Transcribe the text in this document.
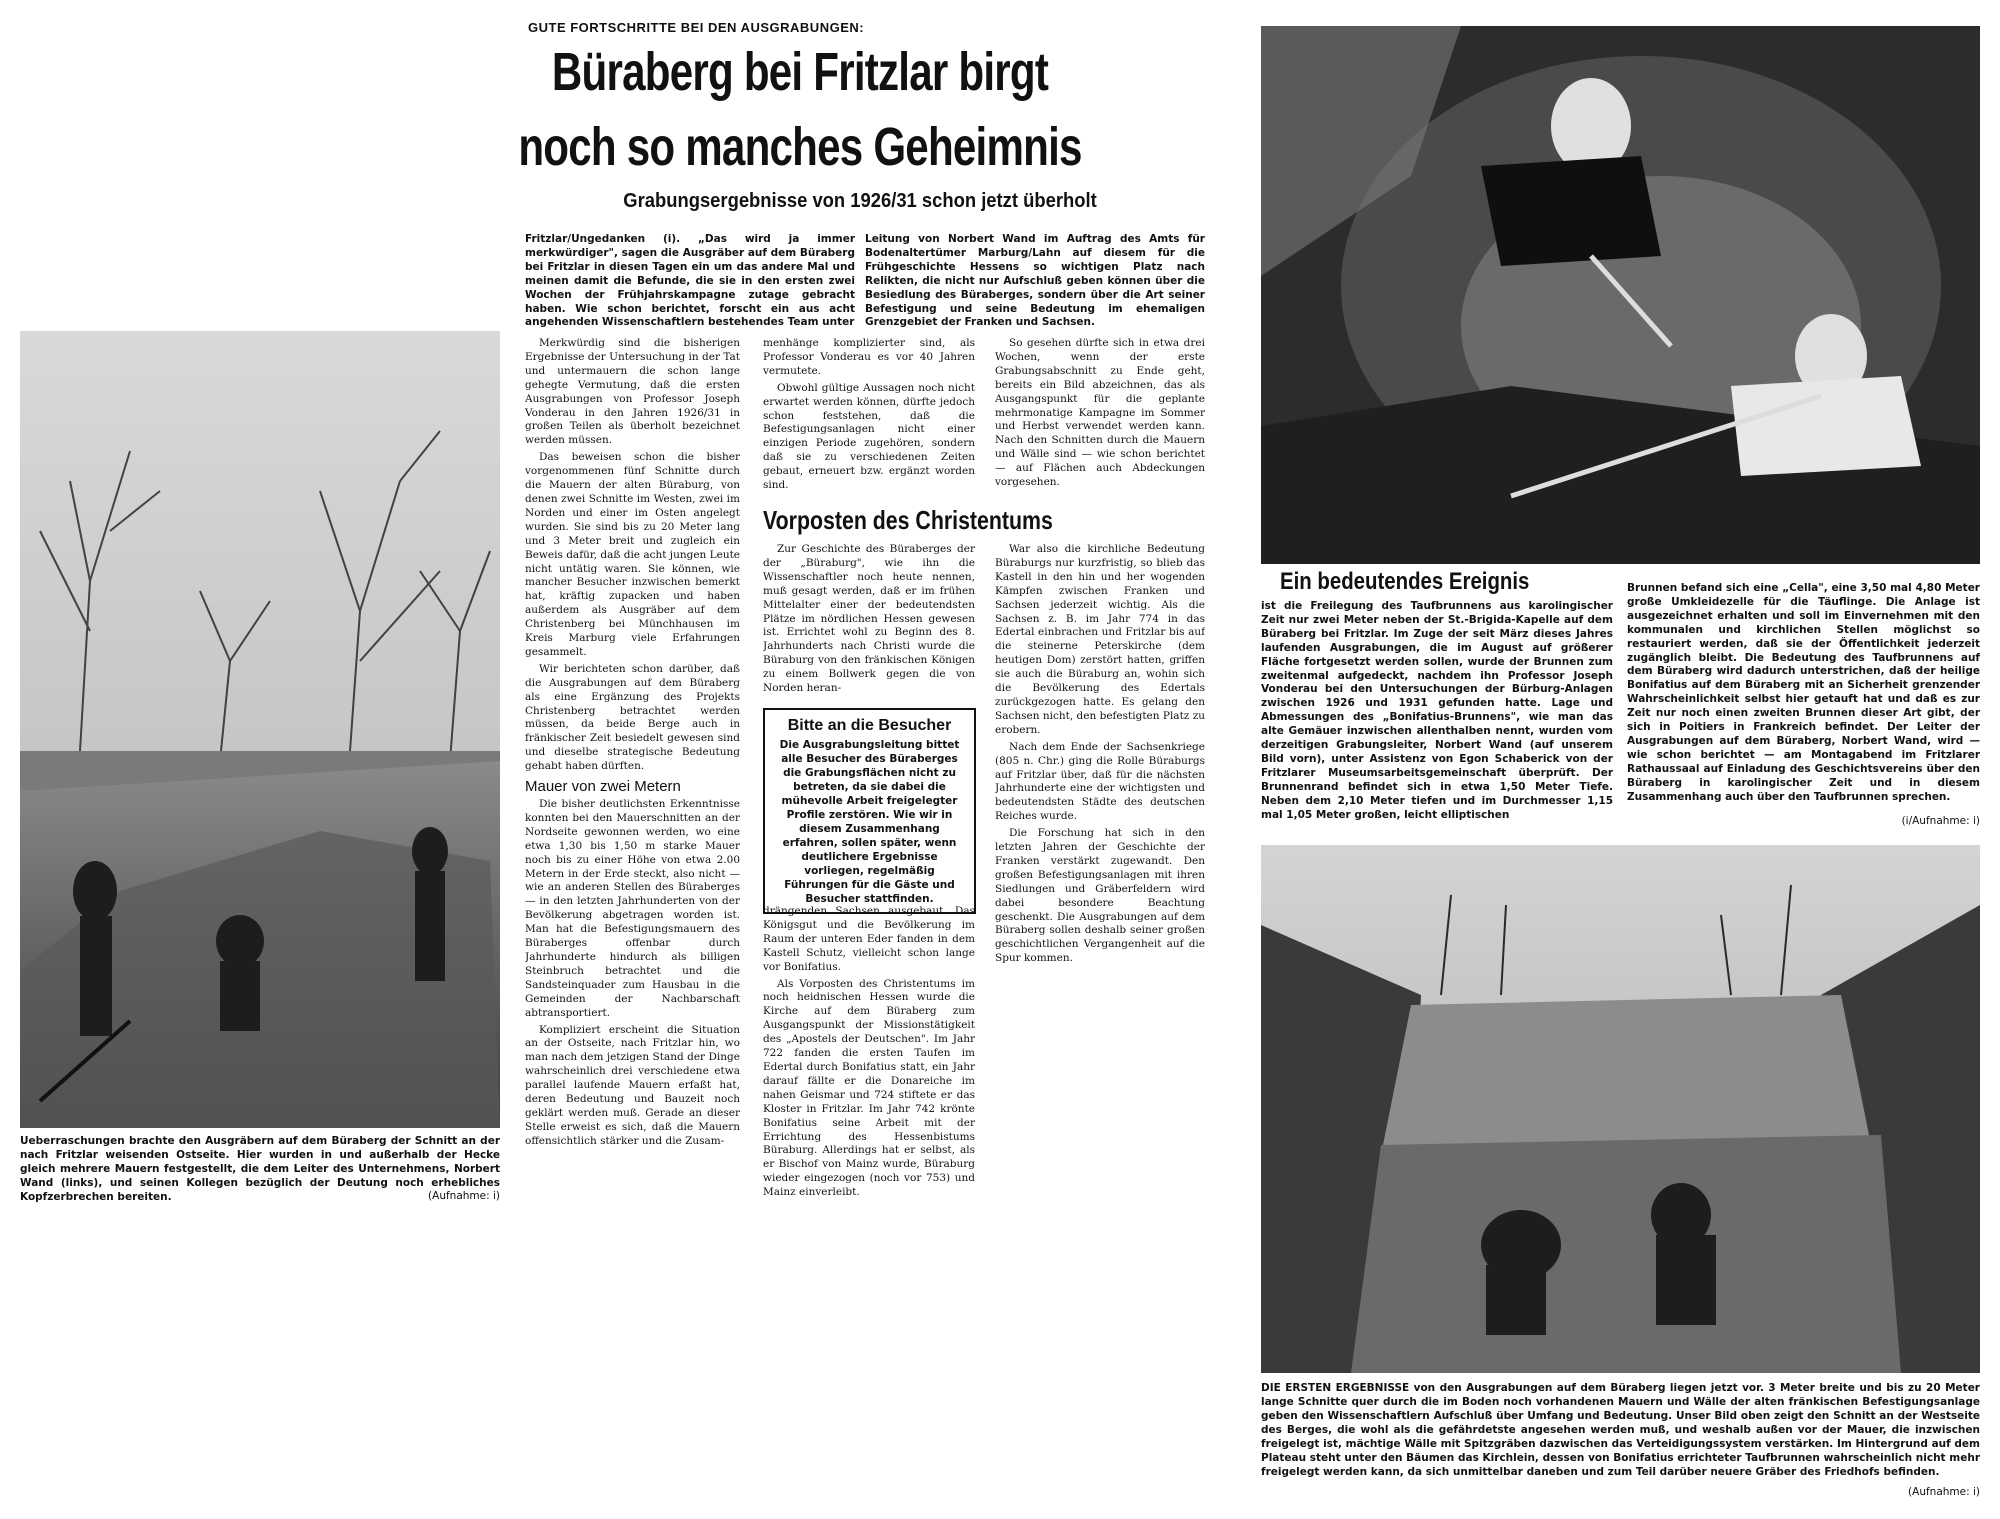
Ueberraschungen brachte den Ausgräbern auf dem Büraberg der Schnitt an der nach Fritzlar weisenden Ostseite. Hier wurden in und außerhalb der Hecke gleich mehrere Mauern festgestellt, die dem Leiter des Unternehmens, Norbert Wand (links), und seinen Kollegen bezüglich der Deutung noch erhebliches Kopfzerbrechen bereiten.	(Aufnahme: i)
GUTE FORTSCHRITTE BEI DEN AUSGRABUNGEN:
Büraberg bei Fritzlar birgt
noch so manches Geheimnis
Grabungsergebnisse von 1926/31 schon jetzt überholt

Fritzlar/Ungedanken (i). „Das wird ja immer merkwürdiger", sagen die Ausgräber auf dem Büraberg bei Fritzlar in diesen Tagen ein um das andere Mal und meinen damit die Befunde, die sie in den ersten zwei Wochen der Frühjahrskampagne zutage gebracht haben. Wie schon berichtet, forscht ein aus acht angehenden Wissenschaftlern bestehendes Team unter

Leitung von Norbert Wand im Auftrag des Amts für Bodenaltertümer Marburg/Lahn auf diesem für die Frühgeschichte Hessens so wichtigen Platz nach Relikten, die nicht nur Aufschluß geben können über die Besiedlung des Büraberges, sondern über die Art seiner Befestigung und seine Bedeutung im ehemaligen Grenzgebiet der Franken und Sachsen.

Merkwürdig sind die bisherigen Ergebnisse der Untersuchung in der Tat und untermauern die schon lange gehegte Vermutung, daß die ersten Ausgrabungen von Professor Joseph Vonderau in den Jahren 1926/31 in großen Teilen als überholt bezeichnet werden müssen.

Das beweisen schon die bisher vorgenommenen fünf Schnitte durch die Mauern der alten Büraburg, von denen zwei Schnitte im Westen, zwei im Norden und einer im Osten angelegt wurden. Sie sind bis zu 20 Meter lang und 3 Meter breit und zugleich ein Beweis dafür, daß die acht jungen Leute nicht untätig waren. Sie können, wie mancher Besucher inzwischen bemerkt hat, kräftig zupacken und haben außerdem als Ausgräber auf dem Christenberg bei Münchhausen im Kreis Marburg viele Erfahrungen gesammelt.

Wir berichteten schon darüber, daß die Ausgrabungen auf dem Büraberg als eine Ergänzung des Projekts Christenberg betrachtet werden müssen, da beide Berge auch in fränkischer Zeit besiedelt gewesen sind und dieselbe strategische Bedeutung gehabt haben dürften.

Mauer von zwei Metern

Die bisher deutlichsten Erkenntnisse konnten bei den Mauerschnitten an der Nordseite gewonnen werden, wo eine etwa 1,30 bis 1,50 m starke Mauer noch bis zu einer Höhe von etwa 2.00 Metern in der Erde steckt, also nicht — wie an anderen Stellen des Büraberges — in den letzten Jahrhunderten von der Bevölkerung abgetragen worden ist. Man hat die Befestigungsmauern des Büraberges offenbar durch Jahrhunderte hindurch als billigen Steinbruch betrachtet und die Sandsteinquader zum Hausbau in die Gemeinden der Nachbarschaft abtransportiert.

Kompliziert erscheint die Situation an der Ostseite, nach Fritzlar hin, wo man nach dem jetzigen Stand der Dinge wahrscheinlich drei verschiedene etwa parallel laufende Mauern erfaßt hat, deren Bedeutung und Bauzeit noch geklärt werden muß. Gerade an dieser Stelle erweist es sich, daß die Mauern offensichtlich stärker und die Zusam-

menhänge komplizierter sind, als Professor Vonderau es vor 40 Jahren vermutete.

Obwohl gültige Aussagen noch nicht erwartet werden können, dürfte jedoch schon feststehen, daß die Befestigungsanlagen nicht einer einzigen Periode zugehören, sondern daß sie zu verschiedenen Zeiten gebaut, erneuert bzw. ergänzt worden sind.

So gesehen dürfte sich in etwa drei Wochen, wenn der erste Grabungsabschnitt zu Ende geht, bereits ein Bild abzeichnen, das als Ausgangspunkt für die geplante mehrmonatige Kampagne im Sommer und Herbst verwendet werden kann. Nach den Schnitten durch die Mauern und Wälle sind — wie schon berichtet — auf Flächen auch Abdeckungen vorgesehen.

Vorposten des Christentums

Zur Geschichte des Büraberges der der „Büraburg", wie ihn die Wissenschaftler noch heute nennen, muß gesagt werden, daß er im frühen Mittelalter einer der bedeutendsten Plätze im nördlichen Hessen gewesen ist. Errichtet wohl zu Beginn des 8. Jahrhunderts nach Christi wurde die Büraburg von den fränkischen Königen zu einem Bollwerk gegen die von Norden heran-

Bitte an die Besucher
Die Ausgrabungsleitung bittet alle Besucher des Büraberges die Grabungsflächen nicht zu betreten, da sie dabei die mühevolle Arbeit freigelegter Profile zerstören. Wie wir in diesem Zusammenhang erfahren, sollen später, wenn deutlichere Ergebnisse vorliegen, regelmäßig Führungen für die Gäste und Besucher stattfinden.

drängenden Sachsen ausgebaut. Das Königsgut und die Bevölkerung im Raum der unteren Eder fanden in dem Kastell Schutz, vielleicht schon lange vor Bonifatius.

Als Vorposten des Christentums im noch heidnischen Hessen wurde die Kirche auf dem Büraberg zum Ausgangspunkt der Missionstätigkeit des „Apostels der Deutschen". Im Jahr 722 fanden die ersten Taufen im Edertal durch Bonifatius statt, ein Jahr darauf fällte er die Donareiche im nahen Geismar und 724 stiftete er das Kloster in Fritzlar. Im Jahr 742 krönte Bonifatius seine Arbeit mit der Errichtung des Hessenbistums Büraburg. Allerdings hat er selbst, als er Bischof von Mainz wurde, Büraburg wieder eingezogen (noch vor 753) und Mainz einverleibt.

War also die kirchliche Bedeutung Büraburgs nur kurzfristig, so blieb das Kastell in den hin und her wogenden Kämpfen zwischen Franken und Sachsen jederzeit wichtig. Als die Sachsen z. B. im Jahr 774 in das Edertal einbrachen und Fritzlar bis auf die steinerne Peterskirche (dem heutigen Dom) zerstört hatten, griffen sie auch die Büraburg an, wohin sich die Bevölkerung des Edertals zurückgezogen hatte. Es gelang den Sachsen nicht, den befestigten Platz zu erobern.

Nach dem Ende der Sachsenkriege (805 n. Chr.) ging die Rolle Büraburgs auf Fritzlar über, daß für die nächsten Jahrhunderte eine der wichtigsten und bedeutendsten Städte des deutschen Reiches wurde.

Die Forschung hat sich in den letzten Jahren der Geschichte der Franken verstärkt zugewandt. Den großen Befestigungsanlagen mit ihren Siedlungen und Gräberfeldern wird dabei besondere Beachtung geschenkt. Die Ausgrabungen auf dem Büraberg sollen deshalb seiner großen geschichtlichen Vergangenheit auf die Spur kommen.

Ein bedeutendes Ereignis

ist die Freilegung des Taufbrunnens aus karolingischer Zeit nur zwei Meter neben der St.-Brigida-Kapelle auf dem Büraberg bei Fritzlar. Im Zuge der seit März dieses Jahres laufenden Ausgrabungen, die im August auf größerer Fläche fortgesetzt werden sollen, wurde der Brunnen zum zweitenmal aufgedeckt, nachdem ihn Professor Joseph Vonderau bei den Untersuchungen der Bürburg-Anlagen zwischen 1926 und 1931 gefunden hatte. Lage und Abmessungen des „Bonifatius-Brunnens", wie man das alte Gemäuer inzwischen allenthalben nennt, wurden vom derzeitigen Grabungsleiter, Norbert Wand (auf unserem Bild vorn), unter Assistenz von Egon Schaberick von der Fritzlarer Museumsarbeitsgemeinschaft überprüft. Der Brunnenrand befindet sich in etwa 1,50 Meter Tiefe. Neben dem 2,10 Meter tiefen und im Durchmesser 1,15 mal 1,05 Meter großen, leicht elliptischen

Brunnen befand sich eine „Cella", eine 3,50 mal 4,80 Meter große Umkleidezelle für die Täuflinge. Die Anlage ist ausgezeichnet erhalten und soll im Einvernehmen mit den kommunalen und kirchlichen Stellen möglichst so restauriert werden, daß sie der Öffentlichkeit jederzeit zugänglich bleibt. Die Bedeutung des Taufbrunnens auf dem Büraberg wird dadurch unterstrichen, daß der heilige Bonifatius auf dem Büraberg mit an Sicherheit grenzender Wahrscheinlichkeit selbst hier getauft hat und daß es zur Zeit nur noch einen zweiten Brunnen dieser Art gibt, der sich in Poitiers in Frankreich befindet. Der Leiter der Ausgrabungen auf dem Büraberg, Norbert Wand, wird — wie schon berichtet — am Montagabend im Fritzlarer Rathaussaal auf Einladung des Geschichtsvereins über den Büraberg in karolingischer Zeit und in diesem Zusammenhang auch über den Taufbrunnen sprechen.

(i/Aufnahme: i)
DIE ERSTEN ERGEBNISSE von den Ausgrabungen auf dem Büraberg liegen jetzt vor. 3 Meter breite und bis zu 20 Meter lange Schnitte quer durch die im Boden noch vorhandenen Mauern und Wälle der alten fränkischen Befestigungsanlage geben den Wissenschaftlern Aufschluß über Umfang und Bedeutung. Unser Bild oben zeigt den Schnitt an der Westseite des Berges, die wohl als die gefährdetste angesehen werden muß, und weshalb außen vor der Mauer, die inzwischen freigelegt ist, mächtige Wälle mit Spitzgräben dazwischen das Verteidigungssystem verstärken. Im Hintergrund auf dem Plateau steht unter den Bäumen das Kirchlein, dessen von Bonifatius errichteter Taufbrunnen wahrscheinlich nicht mehr freigelegt werden kann, da sich unmittelbar daneben und zum Teil darüber neuere Gräber des Friedhofs befinden.
(Aufnahme: i)
